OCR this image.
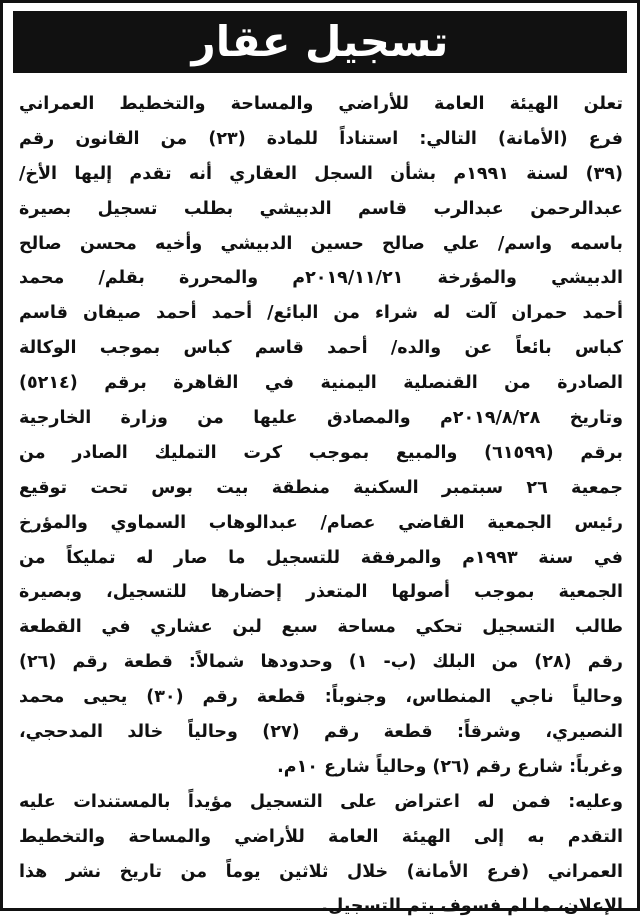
تسجيل عقار
تعلن الهيئة العامة للأراضي والمساحة والتخطيط العمراني
فرع (الأمانة) التالي: استناداً للمادة (٢٣) من القانون رقم
(٣٩) لسنة ١٩٩١م بشأن السجل العقاري أنه تقدم إليها الأخ/
عبدالرحمن عبدالرب قاسم الدبيشي بطلب تسجيل بصيرة
باسمه واسم/ علي صالح حسين الدبيشي وأخيه محسن صالح
الدبيشي والمؤرخة ٢٠١٩/١١/٢١م والمحررة بقلم/ محمد
أحمد حمران آلت له شراء من البائع/ أحمد أحمد صيفان قاسم
كباس بائعاً عن والده/ أحمد قاسم كباس بموجب الوكالة
الصادرة من القنصلية اليمنية في القاهرة برقم (٥٢١٤)
وتاريخ ٢٠١٩/٨/٢٨م والمصادق عليها من وزارة الخارجية
برقم (٦١٥٩٩) والمبيع بموجب كرت التمليك الصادر من
جمعية ٢٦ سبتمبر السكنية منطقة بيت بوس تحت توقيع
رئيس الجمعية القاضي عصام/ عبدالوهاب السماوي والمؤرخ
في سنة ١٩٩٣م والمرفقة للتسجيل ما صار له تمليكاً من
الجمعية بموجب أصولها المتعذر إحضارها للتسجيل، وبصيرة
طالب التسجيل تحكي مساحة سبع لبن عشاري في القطعة
رقم (٢٨) من البلك (ب- ١) وحدودها شمالاً: قطعة رقم (٢٦)
وحالياً ناجي المنطاس، وجنوباً: قطعة رقم (٣٠) يحيى محمد
النصيري، وشرقاً: قطعة رقم (٢٧) وحالياً خالد المدحجي،
وغرباً: شارع رقم (٢٦) وحالياً شارع ١٠م.
وعليه: فمن له اعتراض على التسجيل مؤيداً بالمستندات عليه
التقدم به إلى الهيئة العامة للأراضي والمساحة والتخطيط
العمراني (فرع الأمانة) خلال ثلاثين يوماً من تاريخ نشر هذا
الإعلان، ما لم فسوف يتم التسجيل.
